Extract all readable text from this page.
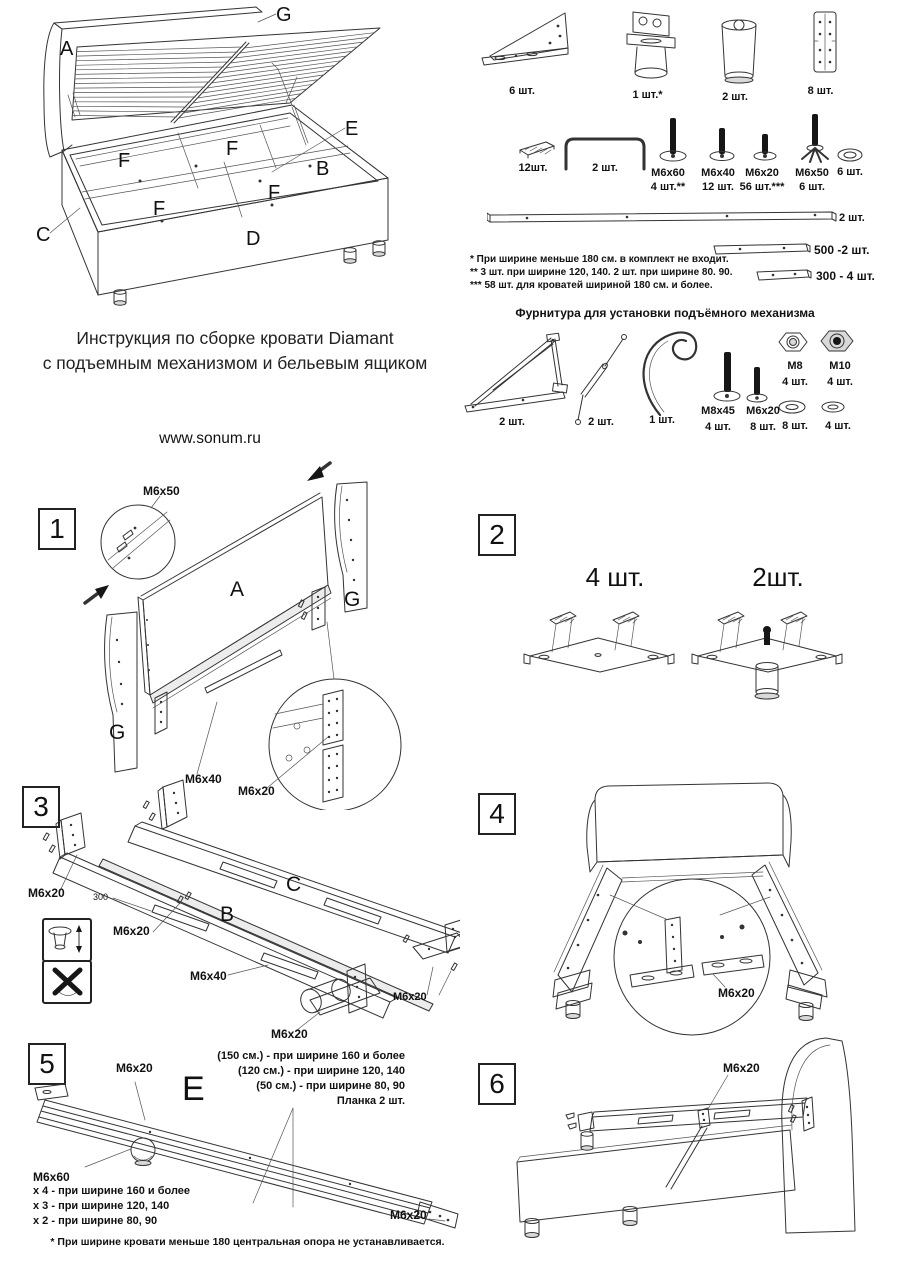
A
G
E
B
F
F
F
F
C	D
Инструкция по сборке кровати Diamant
с подъемным механизмом и бельевым ящиком
www.sonum.ru
6 шт.	1 шт.*	2 шт.	8 шт.
12шт.	2 шт.	M6x60
4 шт.**
M6x40
12 шт.
M6x20
56 шт.***
M6x50
6 шт.
6 шт.
2 шт.
500 -2 шт.
300 - 4 шт.
* При ширине меньше 180 см. в комплект не входит.
** 3 шт. при ширине 120, 140. 2 шт. при ширине 80. 90.
*** 58 шт. для кроватей шириной 180 см. и более.
Фурнитура для установки подъёмного механизма
2 шт.	2 шт.	1 шт.
M8x45
4 шт.
M6x20
8 шт.
M8
4 шт.
M10
4 шт.
8 шт.	4 шт.
1
M6x50
A	G
G
M6x40
M6x20
2
4 шт.	2шт.
3
M6x20	300
M6x20
B
C
M6x40
M6x20
M6x20
4
M6x20
5	M6x20
E
(150 см.) - при ширине 160 и более
(120 см.) - при ширине 120, 140
(50 см.) - при ширине 80, 90
Планка 2 шт.
M6x60
х 4 - при ширине 160 и более
х 3 - при ширине 120, 140
х 2 - при ширине 80, 90	M6x20
* При ширине кровати меньше 180 центральная опора не устанавливается.
6	M6x20
